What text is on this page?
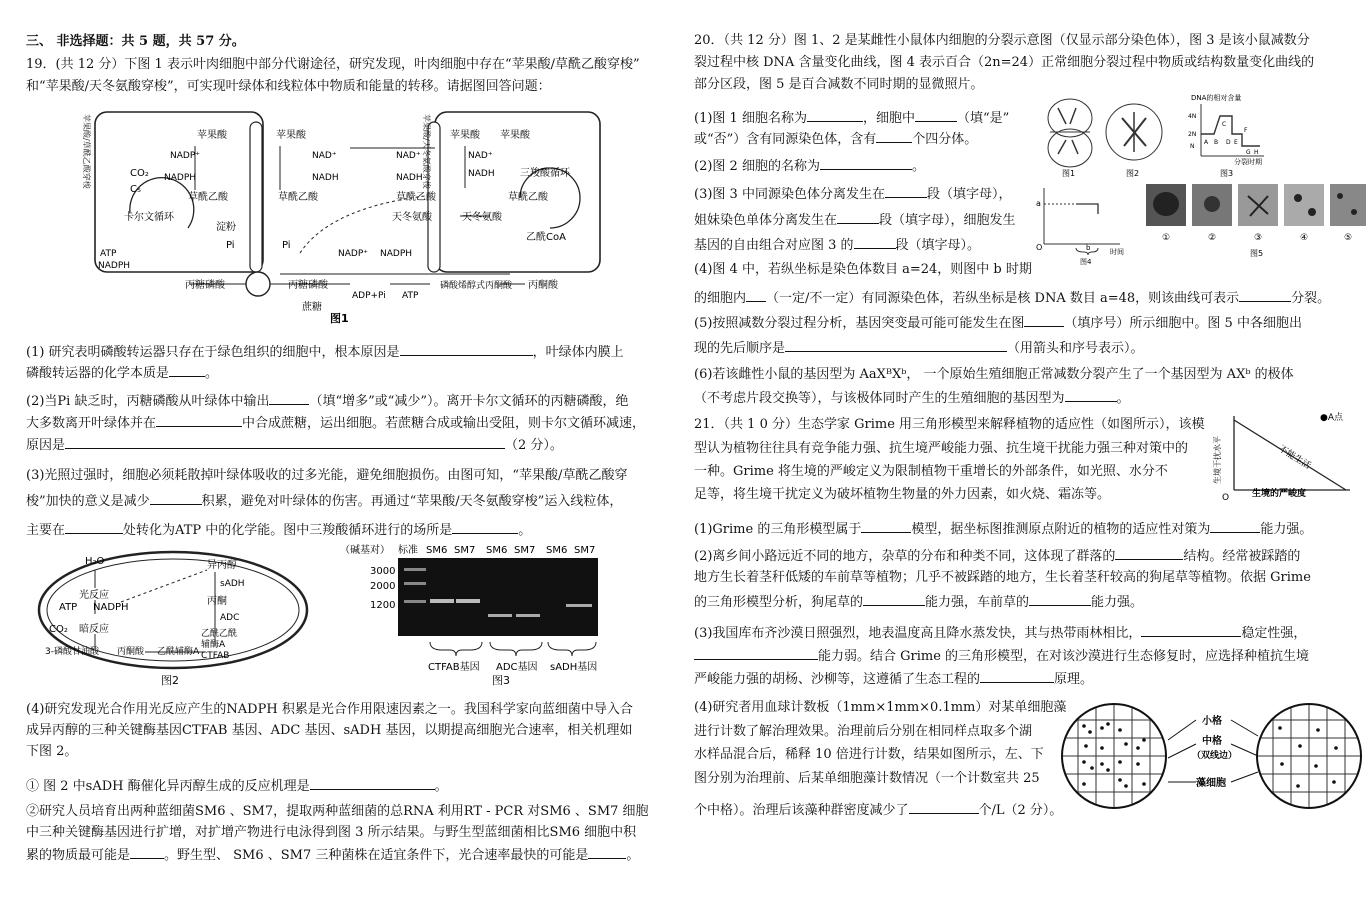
三、 非选择题：共 5 题，共 57 分。
19．(共 12 分）下图 1 表示叶肉细胞中部分代谢途径，研究发现，叶肉细胞中存在“苹果酸/草酰乙酸穿梭”
和“苹果酸/天冬氨酸穿梭”，可实现叶绿体和线粒体中物质和能量的转移。请据图回答问题：
苹果酸	苹果酸	苹果酸 苹果酸
NADP⁺	NAD⁺	NAD⁺	NAD⁺
NADPH	NADH	NADH	NADH
CO₂
C₅
草酰乙酸	草酰乙酸	草酰乙酸	草酰乙酸
三羧酸循环
卡尔文循环
淀粉
天冬氨酸	天冬氨酸
乙酰CoA
ATP
NADPH
Pi	Pi
NADP⁺ NADPH
丙糖磷酸	丙糖磷酸
蔗糖
ADP+Pi ATP
磷酸烯醇式丙酮酸 丙酮酸
图1
苹果酸/草酰乙酸穿梭	苹果酸/天冬氨酸穿梭
(1) 研究表明磷酸转运器只存在于绿色组织的细胞中，根本原因是	，叶绿体内膜上
磷酸转运器的化学本质是	。
(2)当Pi 缺乏时，丙糖磷酸从叶绿体中输出	（填“增多”或“减少”）。离开卡尔文循环的丙糖磷酸，绝
大多数离开叶绿体并在	中合成蔗糖，运出细胞。若蔗糖合成或输出受阻，则卡尔文循环减速，
原因是	（2 分）。
(3)光照过强时，细胞必须耗散掉叶绿体吸收的过多光能，避免细胞损伤。由图可知，“苹果酸/草酰乙酸穿
梭”加快的意义是减少	积累，避免对叶绿体的伤害。再通过“苹果酸/天冬氨酸穿梭”运入线粒体，
主要在	处转化为ATP 中的化学能。图中三羧酸循环进行的场所是	。
H₂O
光反应
ATP NADPH
CO₂ 暗反应
3-磷酸甘油酸 丙酮酸 乙酰辅酶A
异丙醇
sADH
丙酮
ADC
乙酰乙酰
辅酶A
CTFAB
图2
（碱基对） 标准 SM6 SM7 SM6 SM7 SM6 SM7
3000
2000
1200
CTFAB基因 ADC基因 sADH基因
图3
(4)研究发现光合作用光反应产生的NADPH 积累是光合作用限速因素之一。我国科学家向蓝细菌中导入合
成异丙醇的三种关键酶基因CTFAB 基因、ADC 基因、sADH 基因，以期提高细胞光合速率，相关机理如
下图 2。
① 图 2 中sADH 酶催化异丙醇生成的反应机理是	。
②研究人员培育出两种蓝细菌SM6 、SM7，提取两种蓝细菌的总RNA 利用RT - PCR 对SM6 、SM7 细胞
中三种关键酶基因进行扩增，对扩增产物进行电泳得到图 3 所示结果。与野生型蓝细菌相比SM6 细胞中积
累的物质最可能是	。野生型、 SM6 、SM7 三种菌株在适宜条件下，光合速率最快的可能是	。
20．（共 12 分）图 1、2 是某雌性小鼠体内细胞的分裂示意图（仅显示部分染色体），图 3 是该小鼠减数分
裂过程中核 DNA 含量变化曲线，图 4 表示百合（2n=24）正常细胞分裂过程中物质或结构数量变化曲线的
部分区段，图 5 是百合减数不同时期的显微照片。
(1)图 1 细胞名称为	，细胞中	（填“是”
或“否”）含有同源染色体，含有	个四分体。
(2)图 2 细胞的名称为	。
(3)图 3 中同源染色体分离发生在	段（填字母），
姐妹染色单体分离发生在	段（填字母），细胞发生
基因的自由组合对应图 3 的	段（填字母）。
(4)图 4 中，若纵坐标是染色体数目 a=24，则图中 b 时期
的细胞内 （一定/不一定）有同源染色体，若纵坐标是核 DNA 数目 a=48，则该曲线可表示	分裂。
(5)按照减数分裂过程分析，基因突变最可能可能发生在图	（填序号）所示细胞中。图 5 中各细胞出
现的先后顺序是	（用箭头和序号表示）。
(6)若该雌性小鼠的基因型为 AaXᴮXᵇ， 一个原始生殖细胞正常减数分裂产生了一个基因型为 AXᵇ 的极体
（不考虑片段交换等），与该极体同时产生的生殖细胞的基因型为	。
图1	图2
DNA的相对含量
4N
2N
N
A B
C
D E
F
G H
分裂时期
图3
a
O	b	时间
图4
①	②	③	④	⑤
图5
21．（共 1 0 分）生态学家 Grime 用三角形模型来解释植物的适应性（如图所示），该模
型认为植物往往具有竞争能力强、抗生境严峻能力强、抗生境干扰能力强三种对策中的
一种。Grime 将生境的严峻定义为限制植物干重增长的外部条件，如光照、水分不
足等，将生境干扰定义为破坏植物生物量的外力因素，如火烧、霜冻等。
●A点
不能生活
O	生境的严峻度
生境干扰水平
(1)Grime 的三角形模型属于	模型，据坐标图推测原点附近的植物的适应性对策为	能力强。
(2)离乡间小路远近不同的地方，杂草的分布和种类不同，这体现了群落的	结构。经常被踩踏的
地方生长着茎秆低矮的车前草等植物；几乎不被踩踏的地方，生长着茎秆较高的狗尾草等植物。依据 Grime
的三角形模型分析，狗尾草的	能力强，车前草的	能力强。
(3)我国库布齐沙漠日照强烈，地表温度高且降水蒸发快，其与热带雨林相比，	稳定性强，
能力弱。结合 Grime 的三角形模型，在对该沙漠进行生态修复时，应选择种植抗生境
严峻能力强的胡杨、沙柳等，这遵循了生态工程的	原理。
(4)研究者用血球计数板（1mm×1mm×0.1mm）对某单细胞藻
进行计数了解治理效果。治理前后分别在相同样点取多个湖
水样品混合后，稀释 10 倍进行计数，结果如图所示，左、下
图分别为治理前、后某单细胞藻计数情况（一个计数室共 25
个中格）。治理后该藻种群密度减少了	个/L（2 分）。
小格
中格
（双线边）
藻细胞
